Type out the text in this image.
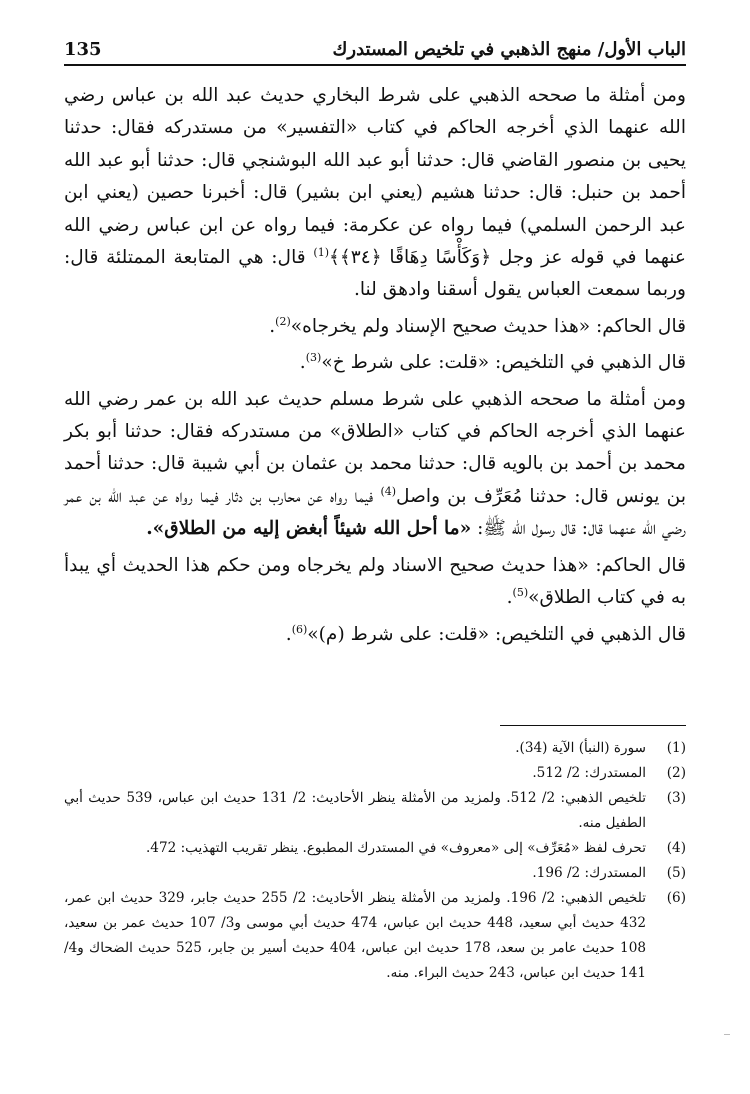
135	الباب الأول/ منهج الذهبي في تلخيص المستدرك

ومن أمثلة ما صححه الذهبي على شرط البخاري حديث عبد الله بن عباس رضي الله عنهما الذي أخرجه الحاكم في كتاب «التفسير» من مستدركه فقال: حدثنا يحيى بن منصور القاضي قال: حدثنا أبو عبد الله البوشنجي قال: حدثنا أبو عبد الله أحمد بن حنبل: قال: حدثنا هشيم (يعني ابن بشير) قال: أخبرنا حصين (يعني ابن عبد الرحمن السلمي) فيما رواه عن عكرمة: فيما رواه عن ابن عباس رضي الله عنهما في قوله عز وجل ﴿وَكَأْسًا دِهَاقًا ﴿٣٤﴾﴾$^{(1)}$ قال: هي المتابعة الممتلئة قال: وربما سمعت العباس يقول أسقنا وادهق لنا.

قال الحاكم: «هذا حديث صحيح الإسناد ولم يخرجاه»$^{(2)}$.

قال الذهبي في التلخيص: «قلت: على شرط خ»$^{(3)}$.

ومن أمثلة ما صححه الذهبي على شرط مسلم حديث عبد الله بن عمر رضي الله عنهما الذي أخرجه الحاكم في كتاب «الطلاق» من مستدركه فقال: حدثنا أبو بكر محمد بن أحمد بن بالويه قال: حدثنا محمد بن عثمان بن أبي شيبة قال: حدثنا أحمد بن يونس قال: حدثنا مُعَرِّف بن واصل$^{(4)}$ فيما رواه عن محارب بن دثار فيما رواه عن عبد الله بن عمر رضي الله عنهما قال: قال رسول الله ﷺ: «ما أحل الله شيئاً أبغض إليه من الطلاق».

قال الحاكم: «هذا حديث صحيح الاسناد ولم يخرجاه ومن حكم هذا الحديث أي يبدأ به في كتاب الطلاق»$^{(5)}$.

قال الذهبي في التلخيص: «قلت: على شرط (م)»$^{(6)}$.

(1)
سورة (النبأ) الآية (34).
(2)
المستدرك: 2/ 512.
(3)
تلخيص الذهبي: 2/ 512. ولمزيد من الأمثلة ينظر الأحاديث: 2/ 131 حديث ابن عباس، 539 حديث أبي الطفيل منه.
(4)
تحرف لفظ «مُعَرِّف» إلى «معروف» في المستدرك المطبوع. ينظر تقريب التهذيب: 472.
(5)
المستدرك: 2/ 196.
(6)
تلخيص الذهبي: 2/ 196. ولمزيد من الأمثلة ينظر الأحاديث: 2/ 255 حديث جابر، 329 حديث ابن عمر، 432 حديث أبي سعيد، 448 حديث ابن عباس، 474 حديث أبي موسى و3/ 107 حديث عمر بن سعيد، 108 حديث عامر بن سعد، 178 حديث ابن عباس، 404 حديث أسير بن جابر، 525 حديث الضحاك و4/ 141 حديث ابن عباس، 243 حديث البراء. منه.
